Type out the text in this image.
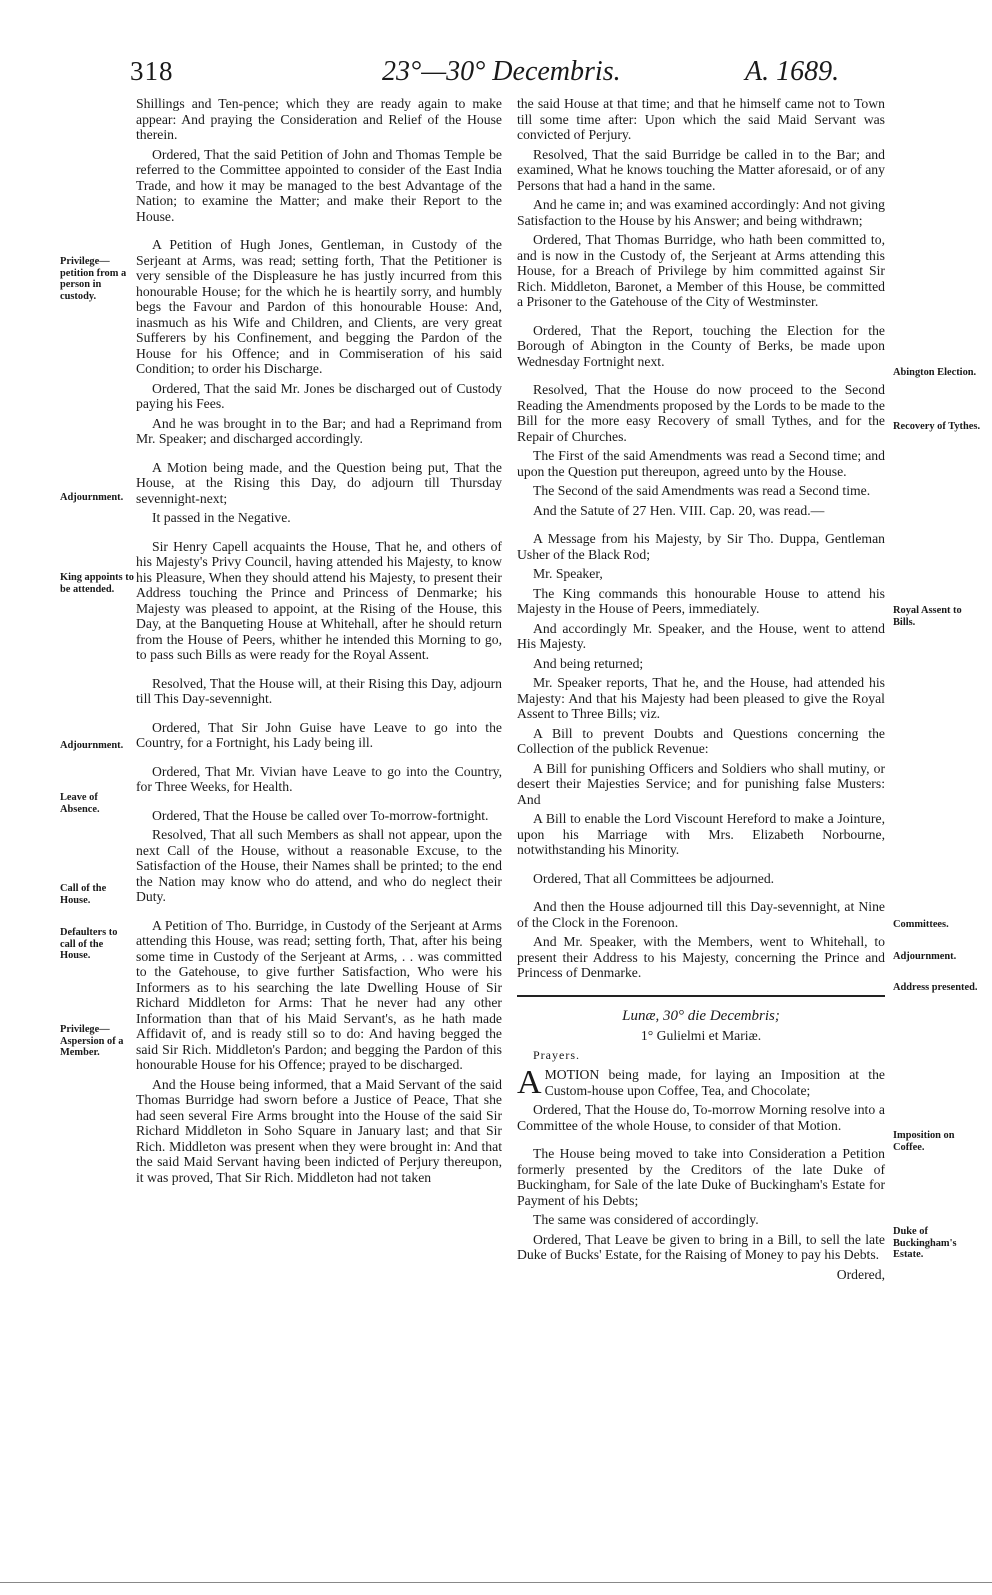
318	23°—30° Decembris.	A. 1689.

Shillings and Ten-pence; which they are ready again to make appear: And praying the Consideration and Relief of the House therein.

Ordered, That the said Petition of John and Thomas Temple be referred to the Committee appointed to consider of the East India Trade, and how it may be managed to the best Advantage of the Nation; to examine the Matter; and make their Report to the House.

A Petition of Hugh Jones, Gentleman, in Custody of the Serjeant at Arms, was read; setting forth, That the Petitioner is very sensible of the Displeasure he has justly incurred from this honourable House; for the which he is heartily sorry, and humbly begs the Favour and Pardon of this honourable House: And, inasmuch as his Wife and Children, and Clients, are very great Sufferers by his Confinement, and begging the Pardon of the House for his Offence; and in Commiseration of his said Condition; to order his Discharge.

Ordered, That the said Mr. Jones be discharged out of Custody paying his Fees.

And he was brought in to the Bar; and had a Reprimand from Mr. Speaker; and discharged accordingly.

A Motion being made, and the Question being put, That the House, at the Rising this Day, do adjourn till Thursday sevennight-next;

It passed in the Negative.

Sir Henry Capell acquaints the House, That he, and others of his Majesty's Privy Council, having attended his Majesty, to know his Pleasure, When they should attend his Majesty, to present their Address touching the Prince and Princess of Denmarke; his Majesty was pleased to appoint, at the Rising of the House, this Day, at the Banqueting House at Whitehall, after he should return from the House of Peers, whither he intended this Morning to go, to pass such Bills as were ready for the Royal Assent.

Resolved, That the House will, at their Rising this Day, adjourn till This Day-sevennight.

Ordered, That Sir John Guise have Leave to go into the Country, for a Fortnight, his Lady being ill.

Ordered, That Mr. Vivian have Leave to go into the Country, for Three Weeks, for Health.

Ordered, That the House be called over To-morrow-fortnight.

Resolved, That all such Members as shall not appear, upon the next Call of the House, without a reasonable Excuse, to the Satisfaction of the House, their Names shall be printed; to the end the Nation may know who do attend, and who do neglect their Duty.

A Petition of Tho. Burridge, in Custody of the Serjeant at Arms attending this House, was read; setting forth, That, after his being some time in Custody of the Serjeant at Arms, . . was committed to the Gatehouse, to give further Satisfaction, Who were his Informers as to his searching the late Dwelling House of Sir Richard Middleton for Arms: That he never had any other Information than that of his Maid Servant's, as he hath made Affidavit of, and is ready still so to do: And having begged the said Sir Rich. Middleton's Pardon; and begging the Pardon of this honourable House for his Offence; prayed to be discharged.

And the House being informed, that a Maid Servant of the said Thomas Burridge had sworn before a Justice of Peace, That she had seen several Fire Arms brought into the House of the said Sir Richard Middleton in Soho Square in January last; and that Sir Rich. Middleton was present when they were brought in: And that the said Maid Servant having been indicted of Perjury thereupon, it was proved, That Sir Rich. Middleton had not taken

the said House at that time; and that he himself came not to Town till some time after: Upon which the said Maid Servant was convicted of Perjury.

Resolved, That the said Burridge be called in to the Bar; and examined, What he knows touching the Matter aforesaid, or of any Persons that had a hand in the same.

And he came in; and was examined accordingly: And not giving Satisfaction to the House by his Answer; and being withdrawn;

Ordered, That Thomas Burridge, who hath been committed to, and is now in the Custody of, the Serjeant at Arms attending this House, for a Breach of Privilege by him committed against Sir Rich. Middleton, Baronet, a Member of this House, be committed a Prisoner to the Gatehouse of the City of Westminster.

Ordered, That the Report, touching the Election for the Borough of Abington in the County of Berks, be made upon Wednesday Fortnight next.

Resolved, That the House do now proceed to the Second Reading the Amendments proposed by the Lords to be made to the Bill for the more easy Recovery of small Tythes, and for the Repair of Churches.

The First of the said Amendments was read a Second time; and upon the Question put thereupon, agreed unto by the House.

The Second of the said Amendments was read a Second time.

And the Satute of 27 Hen. VIII. Cap. 20, was read.—

A Message from his Majesty, by Sir Tho. Duppa, Gentleman Usher of the Black Rod;

Mr. Speaker,

The King commands this honourable House to attend his Majesty in the House of Peers, immediately.

And accordingly Mr. Speaker, and the House, went to attend His Majesty.

And being returned;

Mr. Speaker reports, That he, and the House, had attended his Majesty: And that his Majesty had been pleased to give the Royal Assent to Three Bills; viz.

A Bill to prevent Doubts and Questions concerning the Collection of the publick Revenue:

A Bill for punishing Officers and Soldiers who shall mutiny, or desert their Majesties Service; and for punishing false Musters: And

A Bill to enable the Lord Viscount Hereford to make a Jointure, upon his Marriage with Mrs. Elizabeth Norbourne, notwithstanding his Minority.

Ordered, That all Committees be adjourned.

And then the House adjourned till this Day-sevennight, at Nine of the Clock in the Forenoon.

And Mr. Speaker, with the Members, went to Whitehall, to present their Address to his Majesty, concerning the Prince and Princess of Denmarke.

Lunæ, 30° die Decembris;

1° Gulielmi et Mariæ.

Prayers.

AMOTION being made, for laying an Imposition at the Custom-house upon Coffee, Tea, and Chocolate;

Ordered, That the House do, To-morrow Morning resolve into a Committee of the whole House, to consider of that Motion.

The House being moved to take into Consideration a Petition formerly presented by the Creditors of the late Duke of Buckingham, for Sale of the late Duke of Buckingham's Estate for Payment of his Debts;

The same was considered of accordingly.

Ordered, That Leave be given to bring in a Bill, to sell the late Duke of Bucks' Estate, for the Raising of Money to pay his Debts.

Ordered,

Privilege—petition from a person in custody.
Adjournment.
King appoints to be attended.
Adjournment.
Leave of Absence.
Call of the House.
Defaulters to call of the House.
Privilege—Aspersion of a Member.
Abington Election.
Recovery of Tythes.
Royal Assent to Bills.
Committees.
Adjournment.
Address presented.
Imposition on Coffee.
Duke of Buckingham's Estate.
